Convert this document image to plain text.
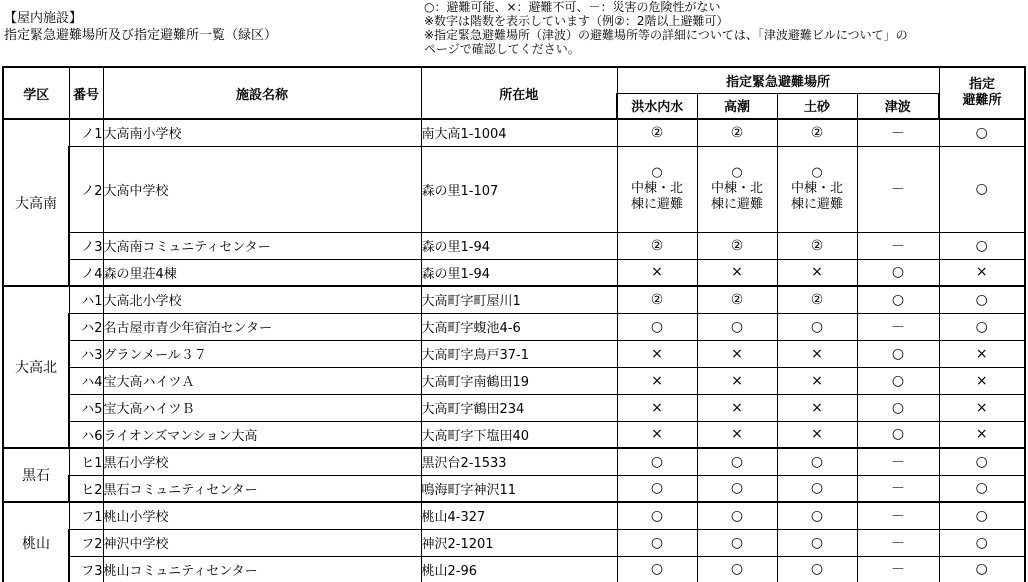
【屋内施設】
指定緊急避難場所及び指定避難所一覧（緑区）
○：避難可能、×：避難不可、－：災害の危険性がない
※数字は階数を表示しています（例②：2階以上避難可）
※指定緊急避難場所（津波）の避難場所等の詳細については、「津波避難ビルについて」の
ページで確認してください。
学区	番号	施設名称	所在地	指定緊急避難場所				指定
避難所
				洪水内水	高潮	土砂	津波	
大高南	ノ1	大高南小学校	南大高1-1004	②	②	②	－	○
	ノ2	大高中学校	森の里1-107	○
中棟・北
棟に避難	○
中棟・北
棟に避難	○
中棟・北
棟に避難	－	○
	ノ3	大高南コミュニティセンター	森の里1-94	②	②	②	－	○
	ノ4	森の里荘4棟	森の里1-94	×	×	×	○	×
大高北	ハ1	大高北小学校	大高町字町屋川1	②	②	②	○	○
	ハ2	名古屋市青少年宿泊センター	大高町字蝮池4-6	○	○	○	－	○
	ハ3	グランメール３７	大高町字鳥戸37-1	×	×	×	○	×
	ハ4	宝大高ハイツＡ	大高町字南鶴田19	×	×	×	○	×
	ハ5	宝大高ハイツＢ	大高町字鶴田234	×	×	×	○	×
	ハ6	ライオンズマンション大高	大高町字下塩田40	×	×	×	○	×
黒石	ヒ1	黒石小学校	黒沢台2-1533	○	○	○	－	○
	ヒ2	黒石コミュニティセンター	鳴海町字神沢11	○	○	○	－	○
桃山	フ1	桃山小学校	桃山4-327	○	○	○	－	○
	フ2	神沢中学校	神沢2-1201	○	○	○	－	○
	フ3	桃山コミュニティセンター	桃山2-96	○	○	○	－	○
